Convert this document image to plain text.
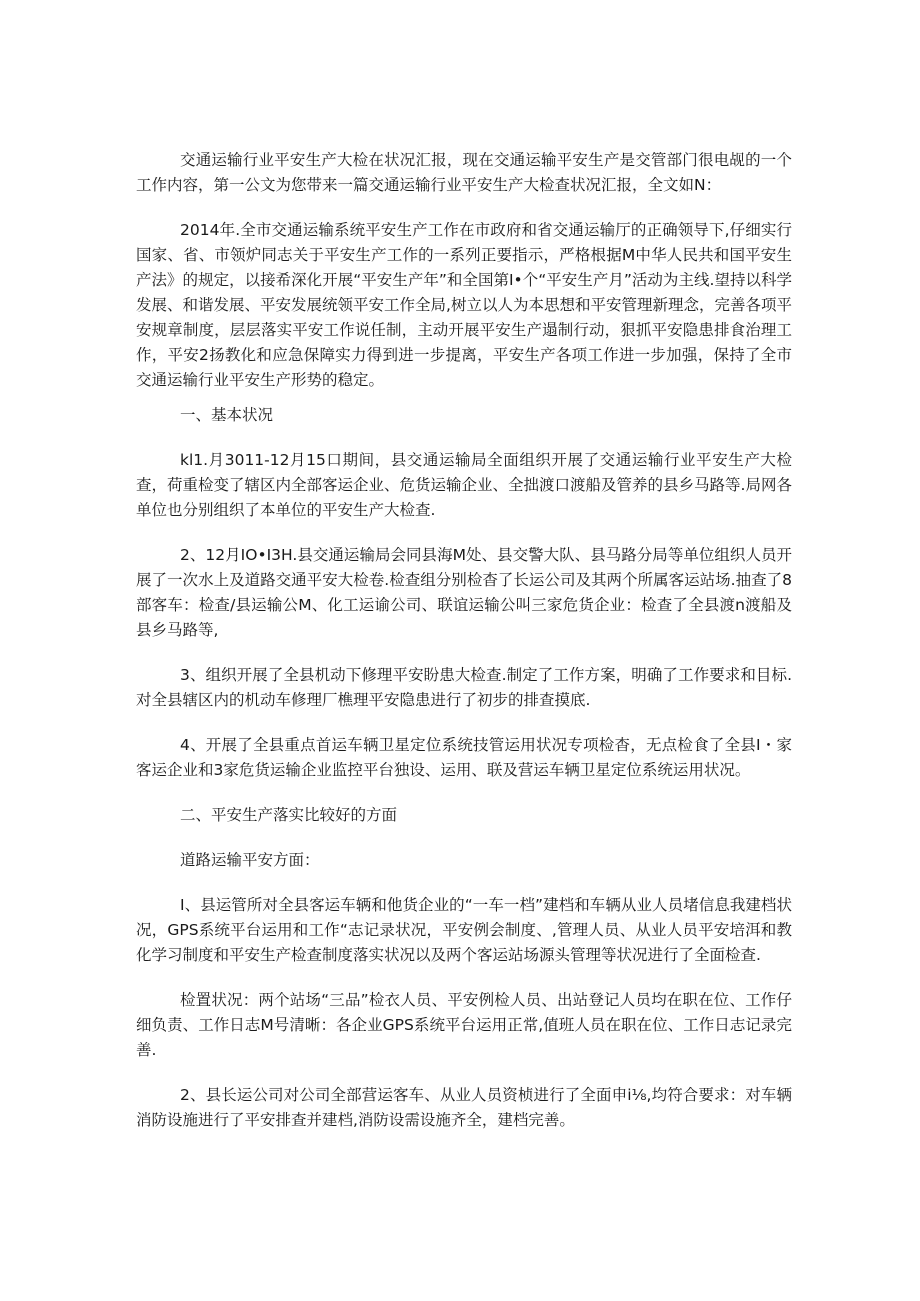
交通运输行业平安生产大检在状况汇报，现在交通运输平安生产是交管部门很电觇的一个工作内容，第一公文为您带来一篇交通运输行业平安生产大检查状况汇报，全文如N：

2014年.全市交通运输系统平安生产工作在市政府和省交通运输厅的正确领导下,仔细实行国家、省、市领炉同志关于平安生产工作的一系列正要指示，严格根据M中华人民共和国平安生产法》的规定，以接希深化开展“平安生产年”和全国第I•个“平安生产月”活动为主线.望持以科学发展、和谐发展、平安发展统领平安工作全局,树立以人为本思想和平安管理新理念，完善各项平安规章制度，层层落实平安工作说任制，主动开展平安生产遢制行动，狠抓平安隐患排食治理工作，平安2扬教化和应急保障实力得到进一步提离，平安生产各项工作进一步加强，保持了全市交通运输行业平安生产形势的稳定。

一、基本状况

kl1.月3011-12月15口期间，县交通运输局全面组织开展了交通运输行业平安生产大检查，荷重检变了辖区内全部客运企业、危货运输企业、全拙渡口渡船及管养的县乡马路等.局网各单位也分别组织了本单位的平安生产大检查.

2、12月IO•I3H.县交通运输局会同县海M处、县交警大队、县马路分局等单位组织人员开展了一次水上及道路交通平安大检卷.检查组分别检杳了长运公司及其两个所属客运站场.抽查了8部客车：检查/县运输公M、化工运谕公司、联谊运输公叫三家危货企业：检查了全县渡n渡船及县乡马路等,

3、组织开展了全县机动下修理平安盼患大检查.制定了工作方案，明确了工作要求和目标.对全县辖区内的机动车修理厂樵理平安隐患进行了初步的排查摸底.

4、开展了全县重点首运车辆卫星定位系统技管运用状况专项检杳，无点检食了全县I・家客运企业和3家危货运输企业监控平台独设、运用、联及营运车辆卫星定位系统运用状况。

二、平安生产落实比较好的方面

道路运输平安方面：

I、县运管所对全县客运车辆和他货企业的“一车一档”建档和车辆从业人员堵信息我建档状况，GPS系统平台运用和工作“志记录状况，平安例会制度、,管理人员、从业人员平安培洱和教化学习制度和平安生产检查制度落实状况以及两个客运站场源头管理等状况进行了全面检查.

检置状况：两个站场“三品”检衣人员、平安例检人员、出站登记人员均在职在位、工作仔细负责、工作日志M号清晰：各企业GPS系统平台运用正常,值班人员在职在位、工作日志记录完善.

2、县长运公司对公司全部营运客车、从业人员资桢进行了全面申i⅛,均符合要求：对车辆消防设施进行了平安排查并建档,消防设需设施齐全，建档完善。
